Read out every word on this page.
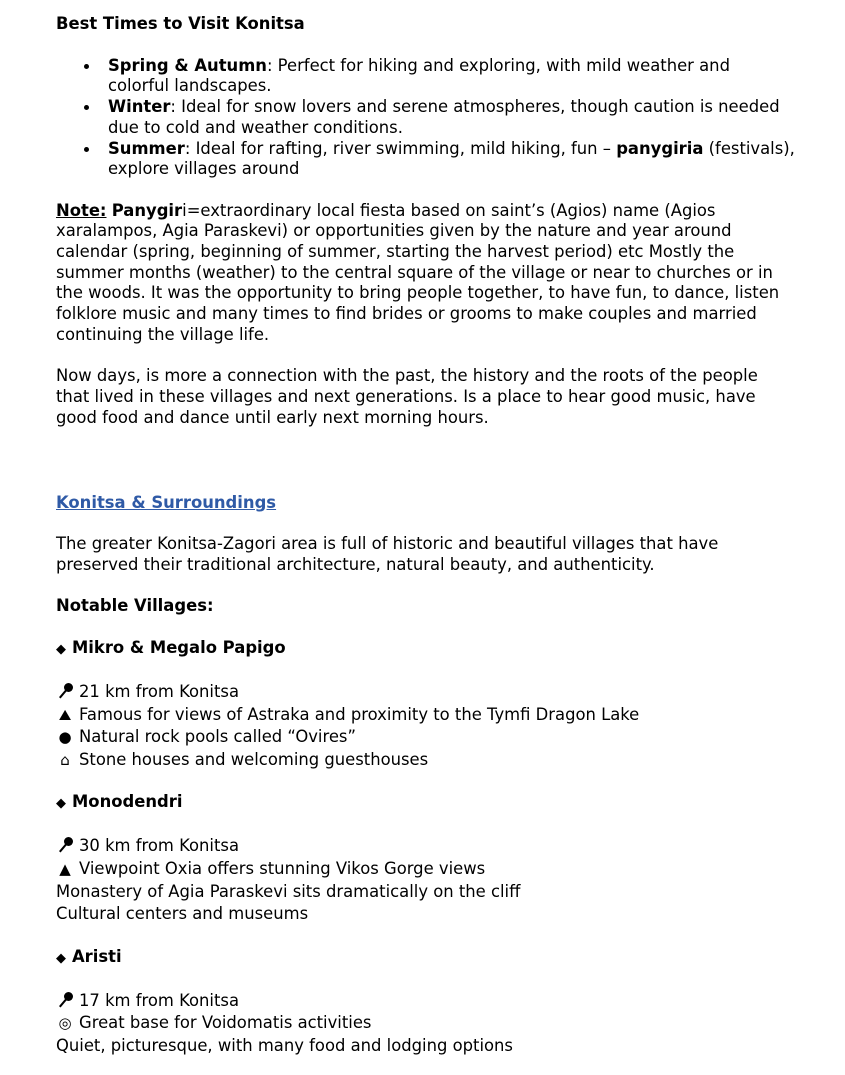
Best Times to Visit Konitsa
Spring & Autumn: Perfect for hiking and exploring, with mild weather and colorful landscapes.
Winter: Ideal for snow lovers and serene atmospheres, though caution is needed due to cold and weather conditions.
Summer: Ideal for rafting, river swimming, mild hiking, fun – panygiria (festivals), explore villages around

Note: Panygiri=extraordinary local fiesta based on saint’s (Agios) name (Agios xaralampos, Agia Paraskevi) or opportunities given by the nature and year around calendar (spring, beginning of summer, starting the harvest period) etc Mostly the summer months (weather) to the central square of the village or near to churches or in the woods. It was the opportunity to bring people together, to have fun, to dance, listen folklore music and many times to find brides or grooms to make couples and married continuing the village life.

Now days, is more a connection with the past, the history and the roots of the people that lived in these villages and next generations. Is a place to hear good music, have good food and dance until early next morning hours.

Konitsa & Surroundings

The greater Konitsa-Zagori area is full of historic and beautiful villages that have preserved their traditional architecture, natural beauty, and authenticity.

Notable Villages:

◆ Mikro & Megalo Papigo

21 km from Konitsa
⛰ Famous for views of Astraka and proximity to the Tymfi Dragon Lake
● Natural rock pools called “Ovires”
⌂ Stone houses and welcoming guesthouses

◆ Monodendri

30 km from Konitsa
▲ Viewpoint Oxia offers stunning Vikos Gorge views
Monastery of Agia Paraskevi sits dramatically on the cliff
Cultural centers and museums

◆ Aristi

17 km from Konitsa
◎ Great base for Voidomatis activities
Quiet, picturesque, with many food and lodging options
